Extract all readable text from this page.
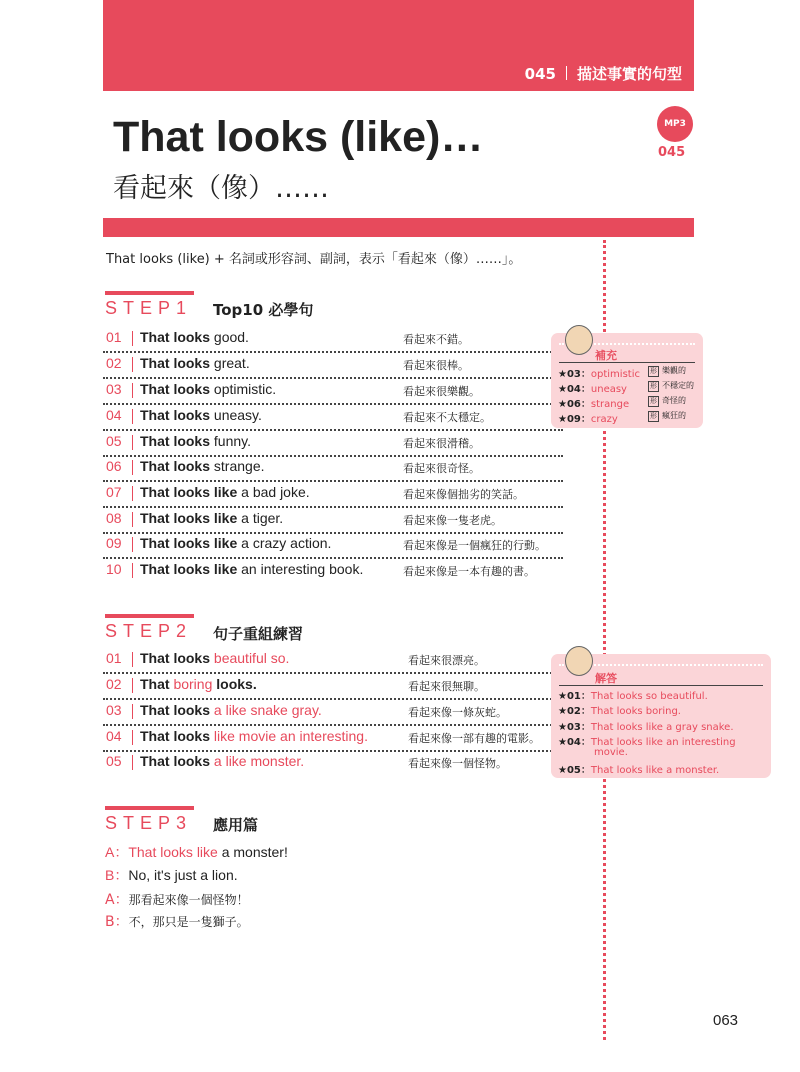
045 描述事實的句型
That looks (like)…
看起來（像）……
MP3
045
That looks (like) + 名詞或形容詞、副詞，表示「看起來（像）……」。
STEP1 Top10 必學句
01 That looks good.	看起來不錯。
02 That looks great.	看起來很棒。
03 That looks optimistic.	看起來很樂觀。
04 That looks uneasy.	看起來不太穩定。
05 That looks funny.	看起來很滑稽。
06 That looks strange.	看起來很奇怪。
07 That looks like a bad joke.	看起來像個拙劣的笑話。
08 That looks like a tiger.	看起來像一隻老虎。
09 That looks like a crazy action.	看起來像是一個瘋狂的行動。
10 That looks like an interesting book.	看起來像是一本有趣的書。
補充
★03：optimistic 形 樂觀的
★04：uneasy	形 不穩定的
★06：strange	形 奇怪的
★09：crazy	形 瘋狂的
STEP2 句子重組練習
01 That looks beautiful so.	看起來很漂亮。
02 That boring looks.	看起來很無聊。
03 That looks a like snake gray.	看起來像一條灰蛇。
04 That looks like movie an interesting.	看起來像一部有趣的電影。
05 That looks a like monster.	看起來像一個怪物。
解答
★01：That looks so beautiful.
★02：That looks boring.
★03：That looks like a gray snake.
★04：That looks like an interesting
movie.
★05：That looks like a monster.
STEP3 應用篇
A：That looks like a monster!
B：No, it's just a lion.
A：那看起來像一個怪物！
B：不，那只是一隻獅子。
063
